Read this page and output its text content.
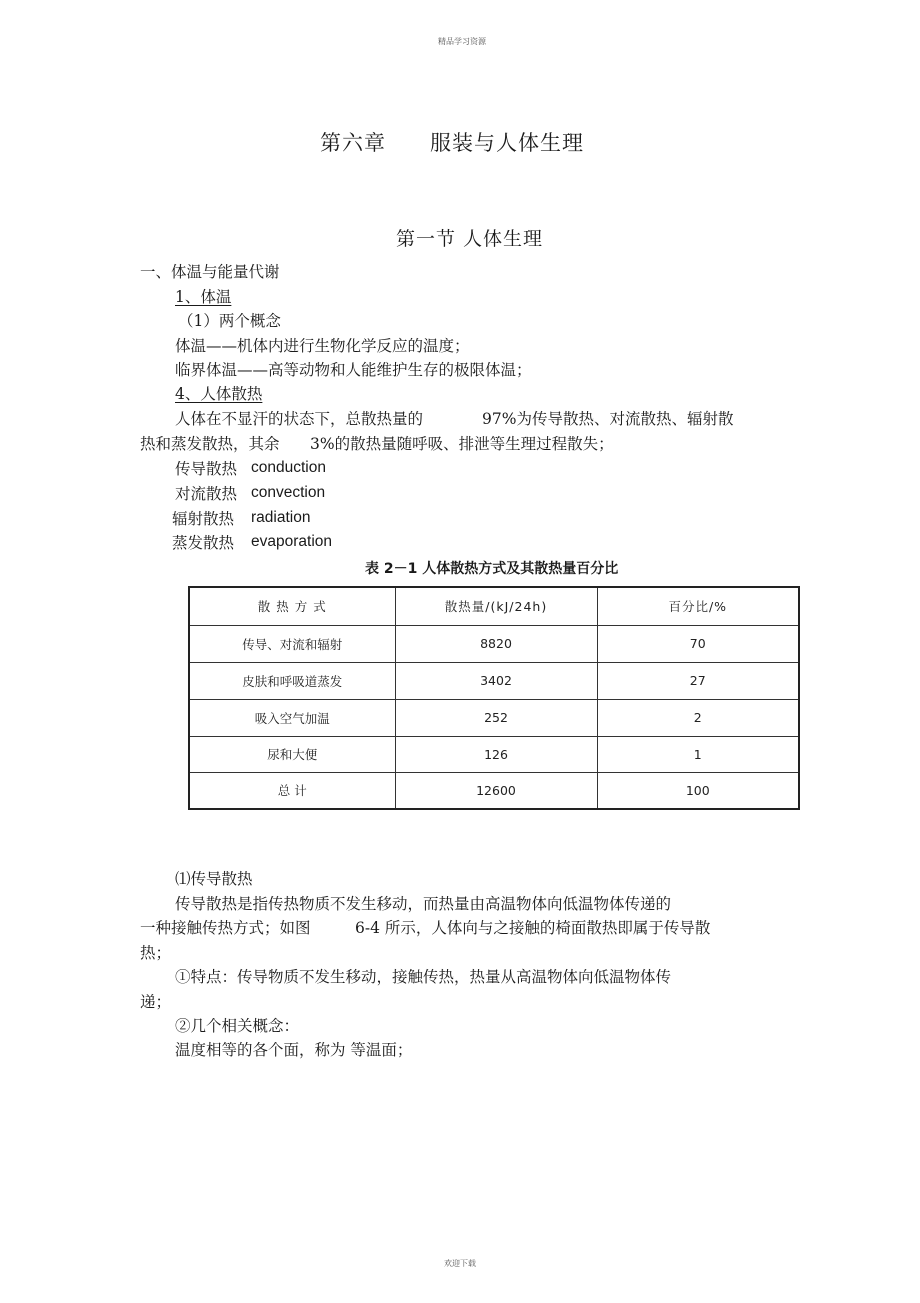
精品学习资源
第六章 服装与人体生理
第一节 人体生理
一、体温与能量代谢
1、体温
（1）两个概念
体温——机体内进行生物化学反应的温度；
临界体温——高等动物和人能维护生存的极限体温；
4、人体散热
人体在不显汗的状态下，总散热量的	97%为传导散热、对流散热、辐射散
热和蒸发散热，其余 3%的散热量随呼吸、排泄等生理过程散失；
传导散热 conduction
对流散热 convection
辐射散热 radiation
蒸发散热 evaporation
表 2－1 人体散热方式及其散热量百分比
散 热 方 式	散热量/(kJ/24h)	百分比/%
传导、对流和辐射	8820	70
皮肤和呼吸道蒸发	3402	27
吸入空气加温	252	2
尿和大便	126	1
总 计	12600	100
⑴传导散热
传导散热是指传热物质不发生移动，而热量由高温物体向低温物体传递的
一种接触传热方式；如图	6-4 所示，人体向与之接触的椅面散热即属于传导散
热；
①特点：传导物质不发生移动，接触传热，热量从高温物体向低温物体传
递；
②几个相关概念：
温度相等的各个面，称为 等温面；
欢迎下载
